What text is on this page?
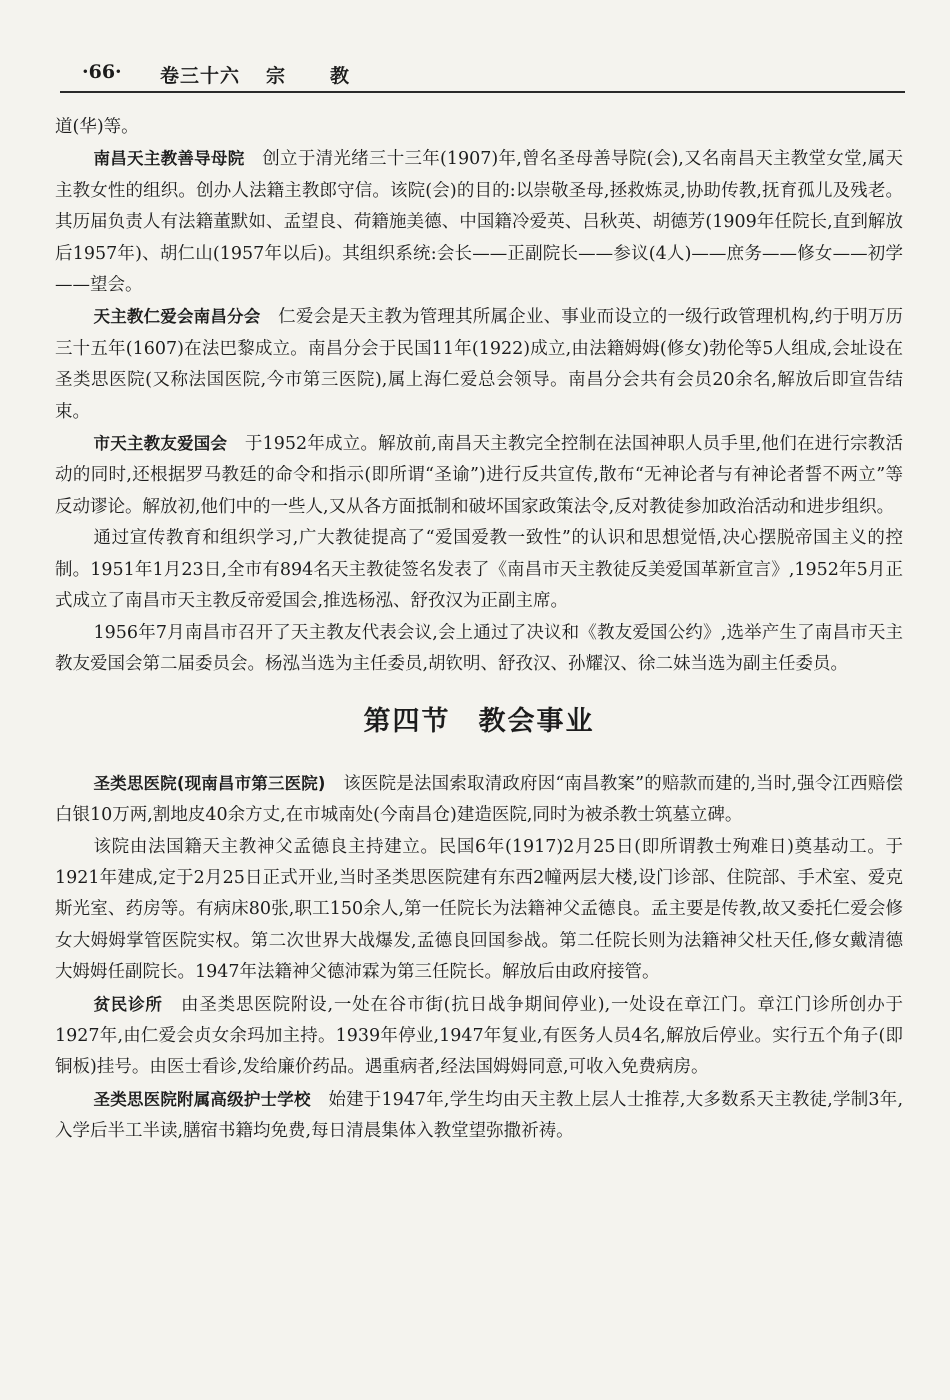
·66· 卷三十六 宗 教

道(华)等。

南昌天主教善导母院　 创立于清光绪三十三年(1907)年,曾名圣母善导院(会),又名南昌天主教堂女堂,属天主教女性的组织。创办人法籍主教郎守信。该院(会)的目的:以崇敬圣母,拯救炼灵,协助传教,抚育孤儿及残老。其历届负责人有法籍董默如、孟望良、荷籍施美德、中国籍冷爱英、吕秋英、胡德芳(1909年任院长,直到解放后1957年)、胡仁山(1957年以后)。其组织系统:会长——正副院长——参议(4人)——庶务——修女——初学——望会。

天主教仁爱会南昌分会　 仁爱会是天主教为管理其所属企业、事业而设立的一级行政管理机构,约于明万历三十五年(1607)在法巴黎成立。南昌分会于民国11年(1922)成立,由法籍姆姆(修女)勃伦等5人组成,会址设在圣类思医院(又称法国医院,今市第三医院),属上海仁爱总会领导。南昌分会共有会员20余名,解放后即宣告结束。

市天主教友爱国会　 于1952年成立。解放前,南昌天主教完全控制在法国神职人员手里,他们在进行宗教活动的同时,还根据罗马教廷的命令和指示(即所谓“圣谕”)进行反共宣传,散布“无神论者与有神论者誓不两立”等反动谬论。解放初,他们中的一些人,又从各方面抵制和破坏国家政策法令,反对教徒参加政治活动和进步组织。

通过宣传教育和组织学习,广大教徒提高了“爱国爱教一致性”的认识和思想觉悟,决心摆脱帝国主义的控制。1951年1月23日,全市有894名天主教徒签名发表了《南昌市天主教徒反美爱国革新宣言》,1952年5月正式成立了南昌市天主教反帝爱国会,推选杨泓、舒孜汉为正副主席。

1956年7月南昌市召开了天主教友代表会议,会上通过了决议和《教友爱国公约》,选举产生了南昌市天主教友爱国会第二届委员会。杨泓当选为主任委员,胡钦明、舒孜汉、孙耀汉、徐二妹当选为副主任委员。

第四节 教会事业

圣类思医院(现南昌市第三医院)　 该医院是法国索取清政府因“南昌教案”的赔款而建的,当时,强令江西赔偿白银10万两,割地皮40余方丈,在市城南处(今南昌仓)建造医院,同时为被杀教士筑墓立碑。

该院由法国籍天主教神父孟德良主持建立。民国6年(1917)2月25日(即所谓教士殉难日)奠基动工。于1921年建成,定于2月25日正式开业,当时圣类思医院建有东西2幢两层大楼,设门诊部、住院部、手术室、爱克斯光室、药房等。有病床80张,职工150余人,第一任院长为法籍神父孟德良。孟主要是传教,故又委托仁爱会修女大姆姆掌管医院实权。第二次世界大战爆发,孟德良回国参战。第二任院长则为法籍神父杜天任,修女戴清德大姆姆任副院长。1947年法籍神父德沛霖为第三任院长。解放后由政府接管。

贫民诊所　 由圣类思医院附设,一处在谷市街(抗日战争期间停业),一处设在章江门。章江门诊所创办于1927年,由仁爱会贞女余玛加主持。1939年停业,1947年复业,有医务人员4名,解放后停业。实行五个角子(即铜板)挂号。由医士看诊,发给廉价药品。遇重病者,经法国姆姆同意,可收入免费病房。

圣类思医院附属高级护士学校　 始建于1947年,学生均由天主教上层人士推荐,大多数系天主教徒,学制3年,入学后半工半读,膳宿书籍均免费,每日清晨集体入教堂望弥撒祈祷。
